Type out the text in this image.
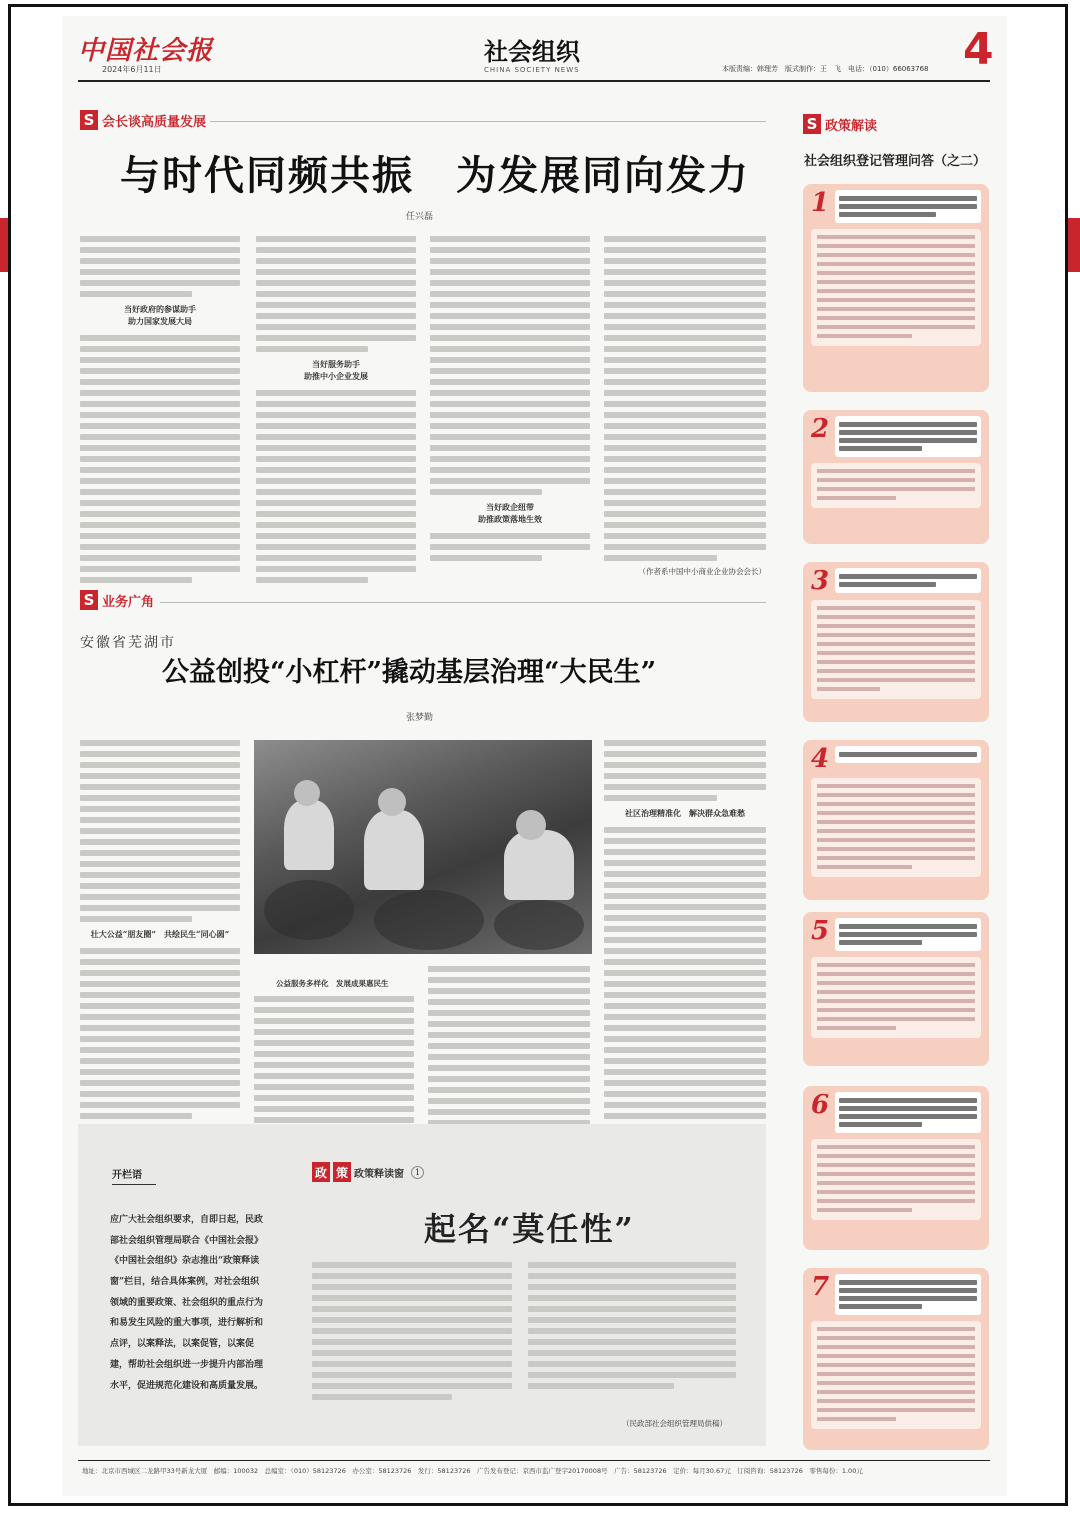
中国社会报
2024年6月11日
社会组织
CHINA SOCIETY NEWS	本版责编：韩理芳　版式制作：王　飞　电话：（010）66063768 4
S 会长谈高质量发展
与时代同频共振　为发展同向发力
任兴磊
当好政府的参谋助手
助力国家发展大局
当好服务助手
助推中小企业发展
当好政企纽带
助推政策落地生效
（作者系中国中小商业企业协会会长）
S 业务广角
安徽省芜湖市
公益创投“小杠杆”撬动基层治理“大民生”
张梦勤
壮大公益“朋友圈”　共绘民生“同心圆”
公益服务多样化　发展成果惠民生
社区治理精准化　解决群众急难愁
开栏语
应广大社会组织要求，自即日起，民政部社会组织管理局联合《中国社会报》《中国社会组织》杂志推出“政策释读窗”栏目，结合具体案例，对社会组织领域的重要政策、社会组织的重点行为和易发生风险的重大事项，进行解析和点评，以案释法，以案促管，以案促建，帮助社会组织进一步提升内部治理水平，促进规范化建设和高质量发展。
政 策 政策释读窗	1
起名“莫任性”
（民政部社会组织管理局供稿）
S 政策解读
社会组织登记管理问答（之二）
1
2
3
4
5
6
7
地址：北京市西城区二龙路甲33号新龙大厦　邮编：100032　总编室：（010）58123726　办公室：58123726　发行：58123726　广告发布登记：京西市监广登字20170008号　广告：58123726　定价：每月30.67元　订阅咨询：58123726　零售每份：1.00元
